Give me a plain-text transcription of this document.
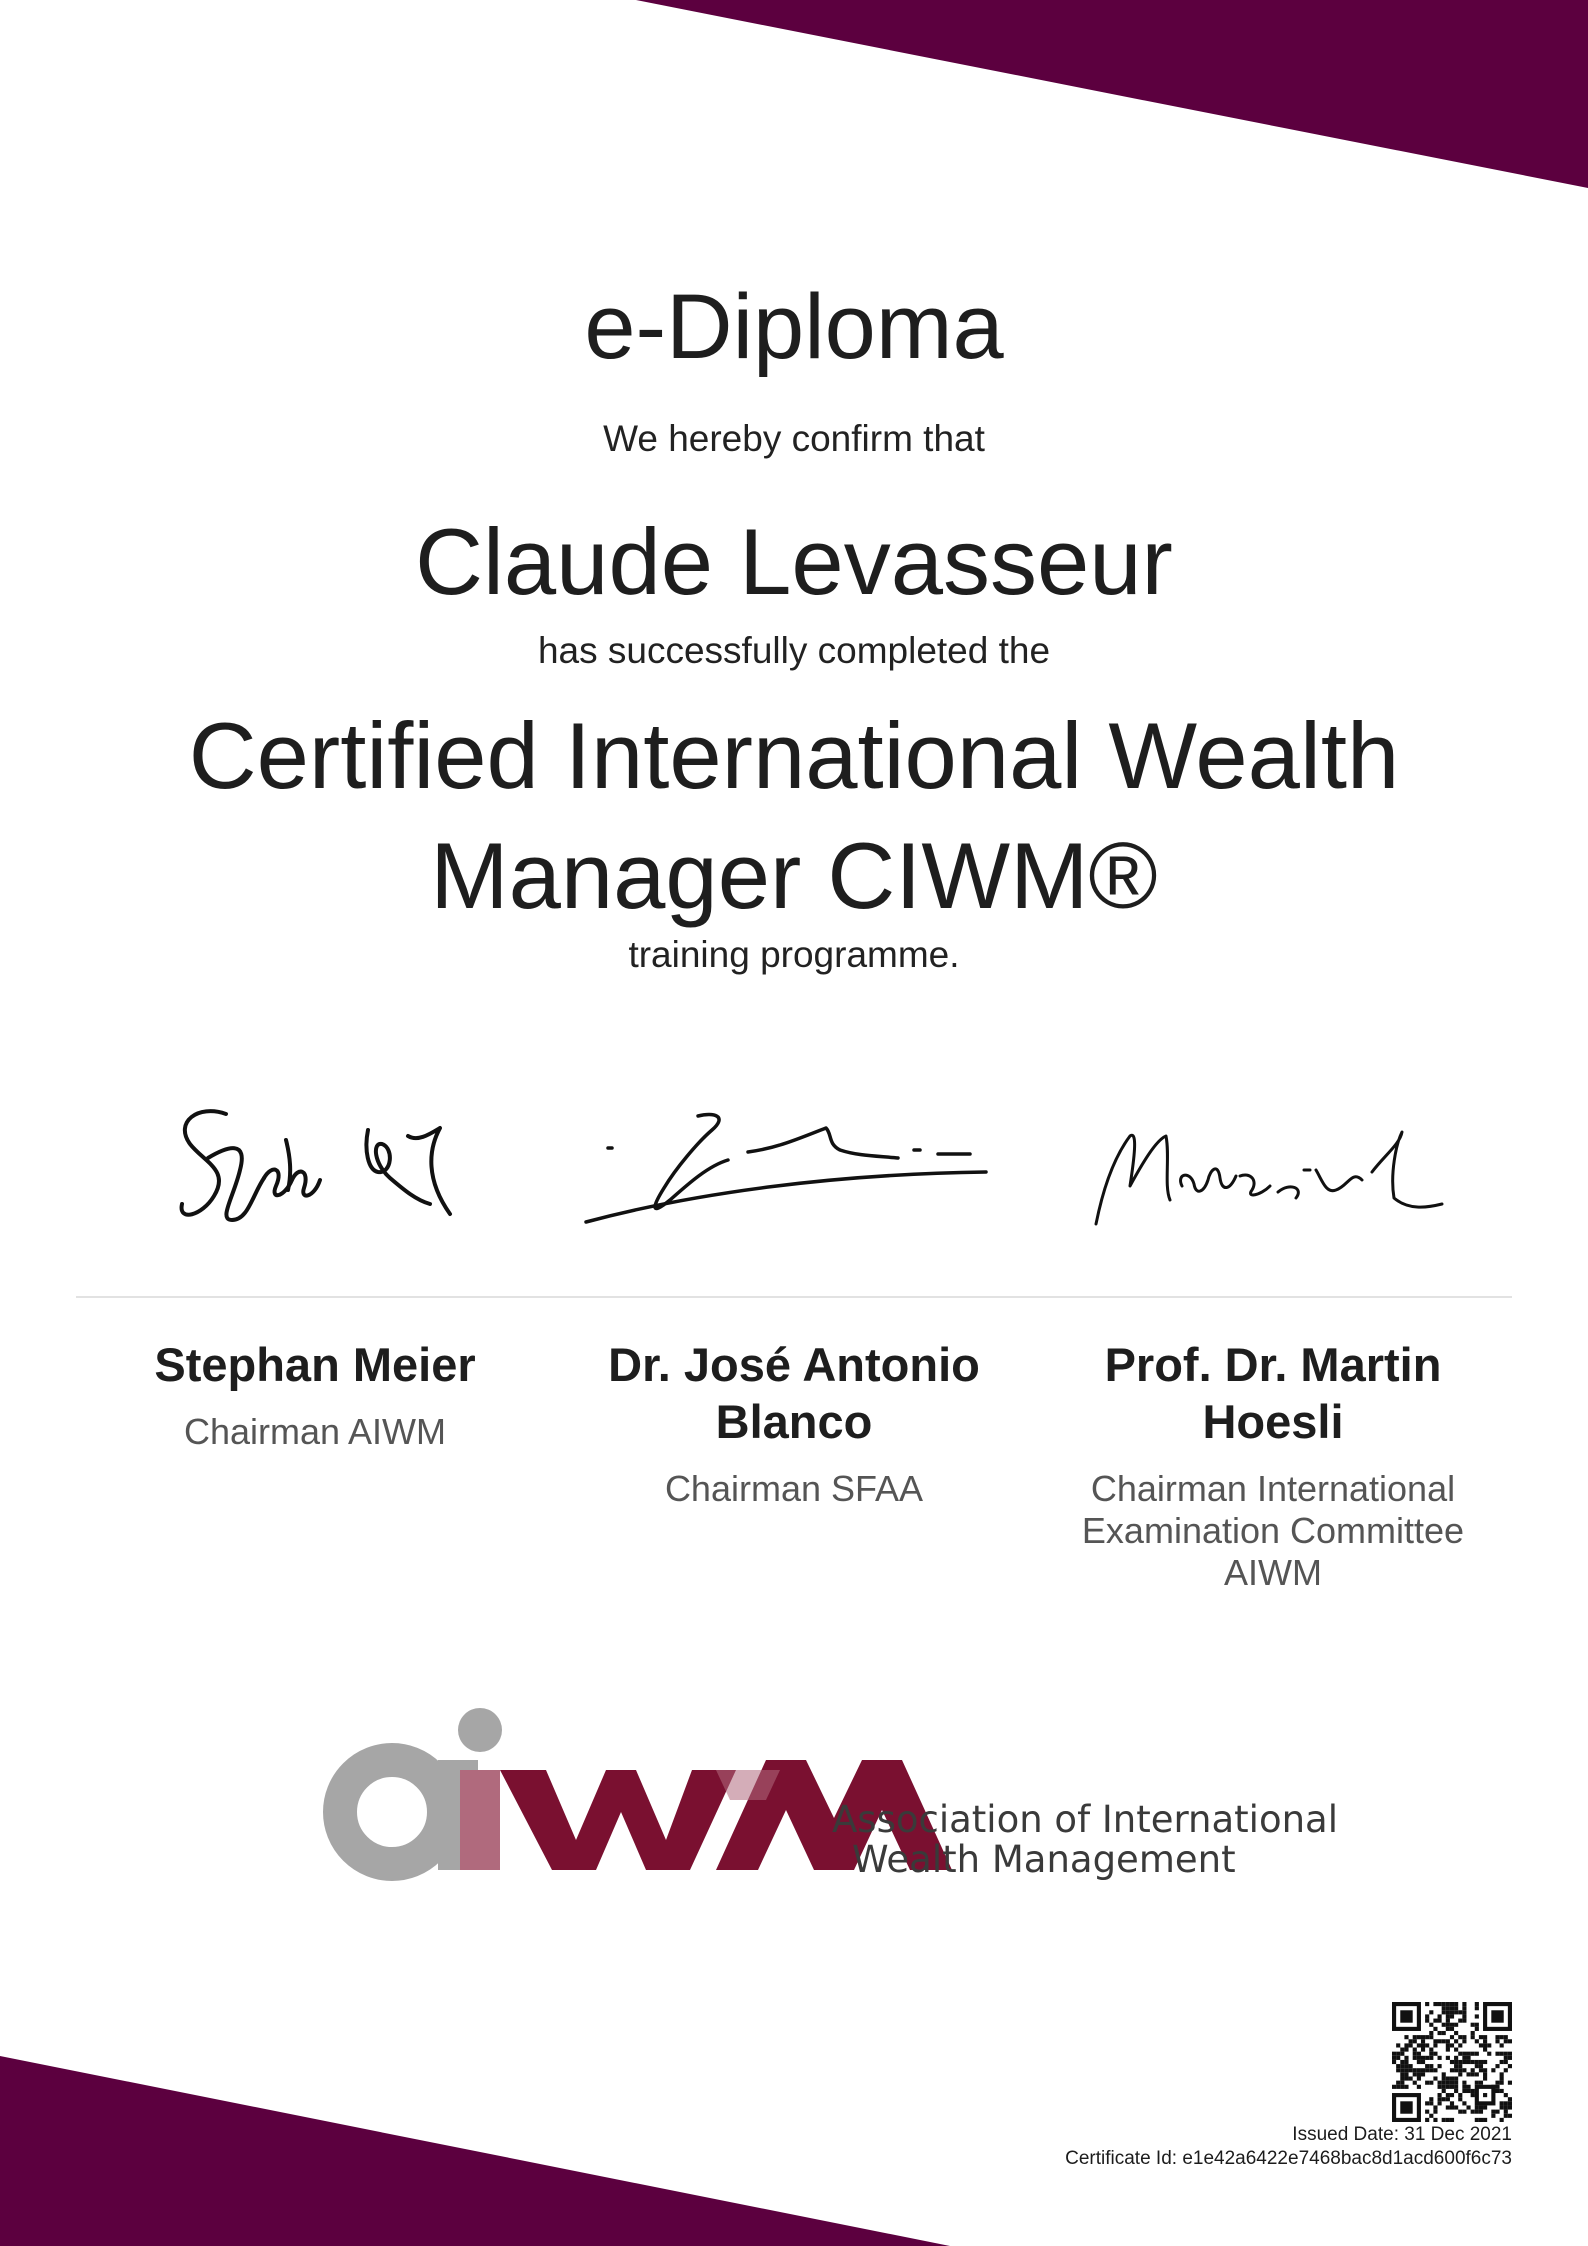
e-Diploma
We hereby confirm that
Claude Levasseur
has successfully completed the
Certified International Wealth
Manager CIWM®
training programme.
Stephan Meier
Chairman AIWM
Dr. José Antonio Blanco
Chairman SFAA
Prof. Dr. Martin Hoesli
Chairman International Examination Committee AIWM
Association of International
Wealth Management
Issued Date: 31 Dec 2021
Certificate Id: e1e42a6422e7468bac8d1acd600f6c73
